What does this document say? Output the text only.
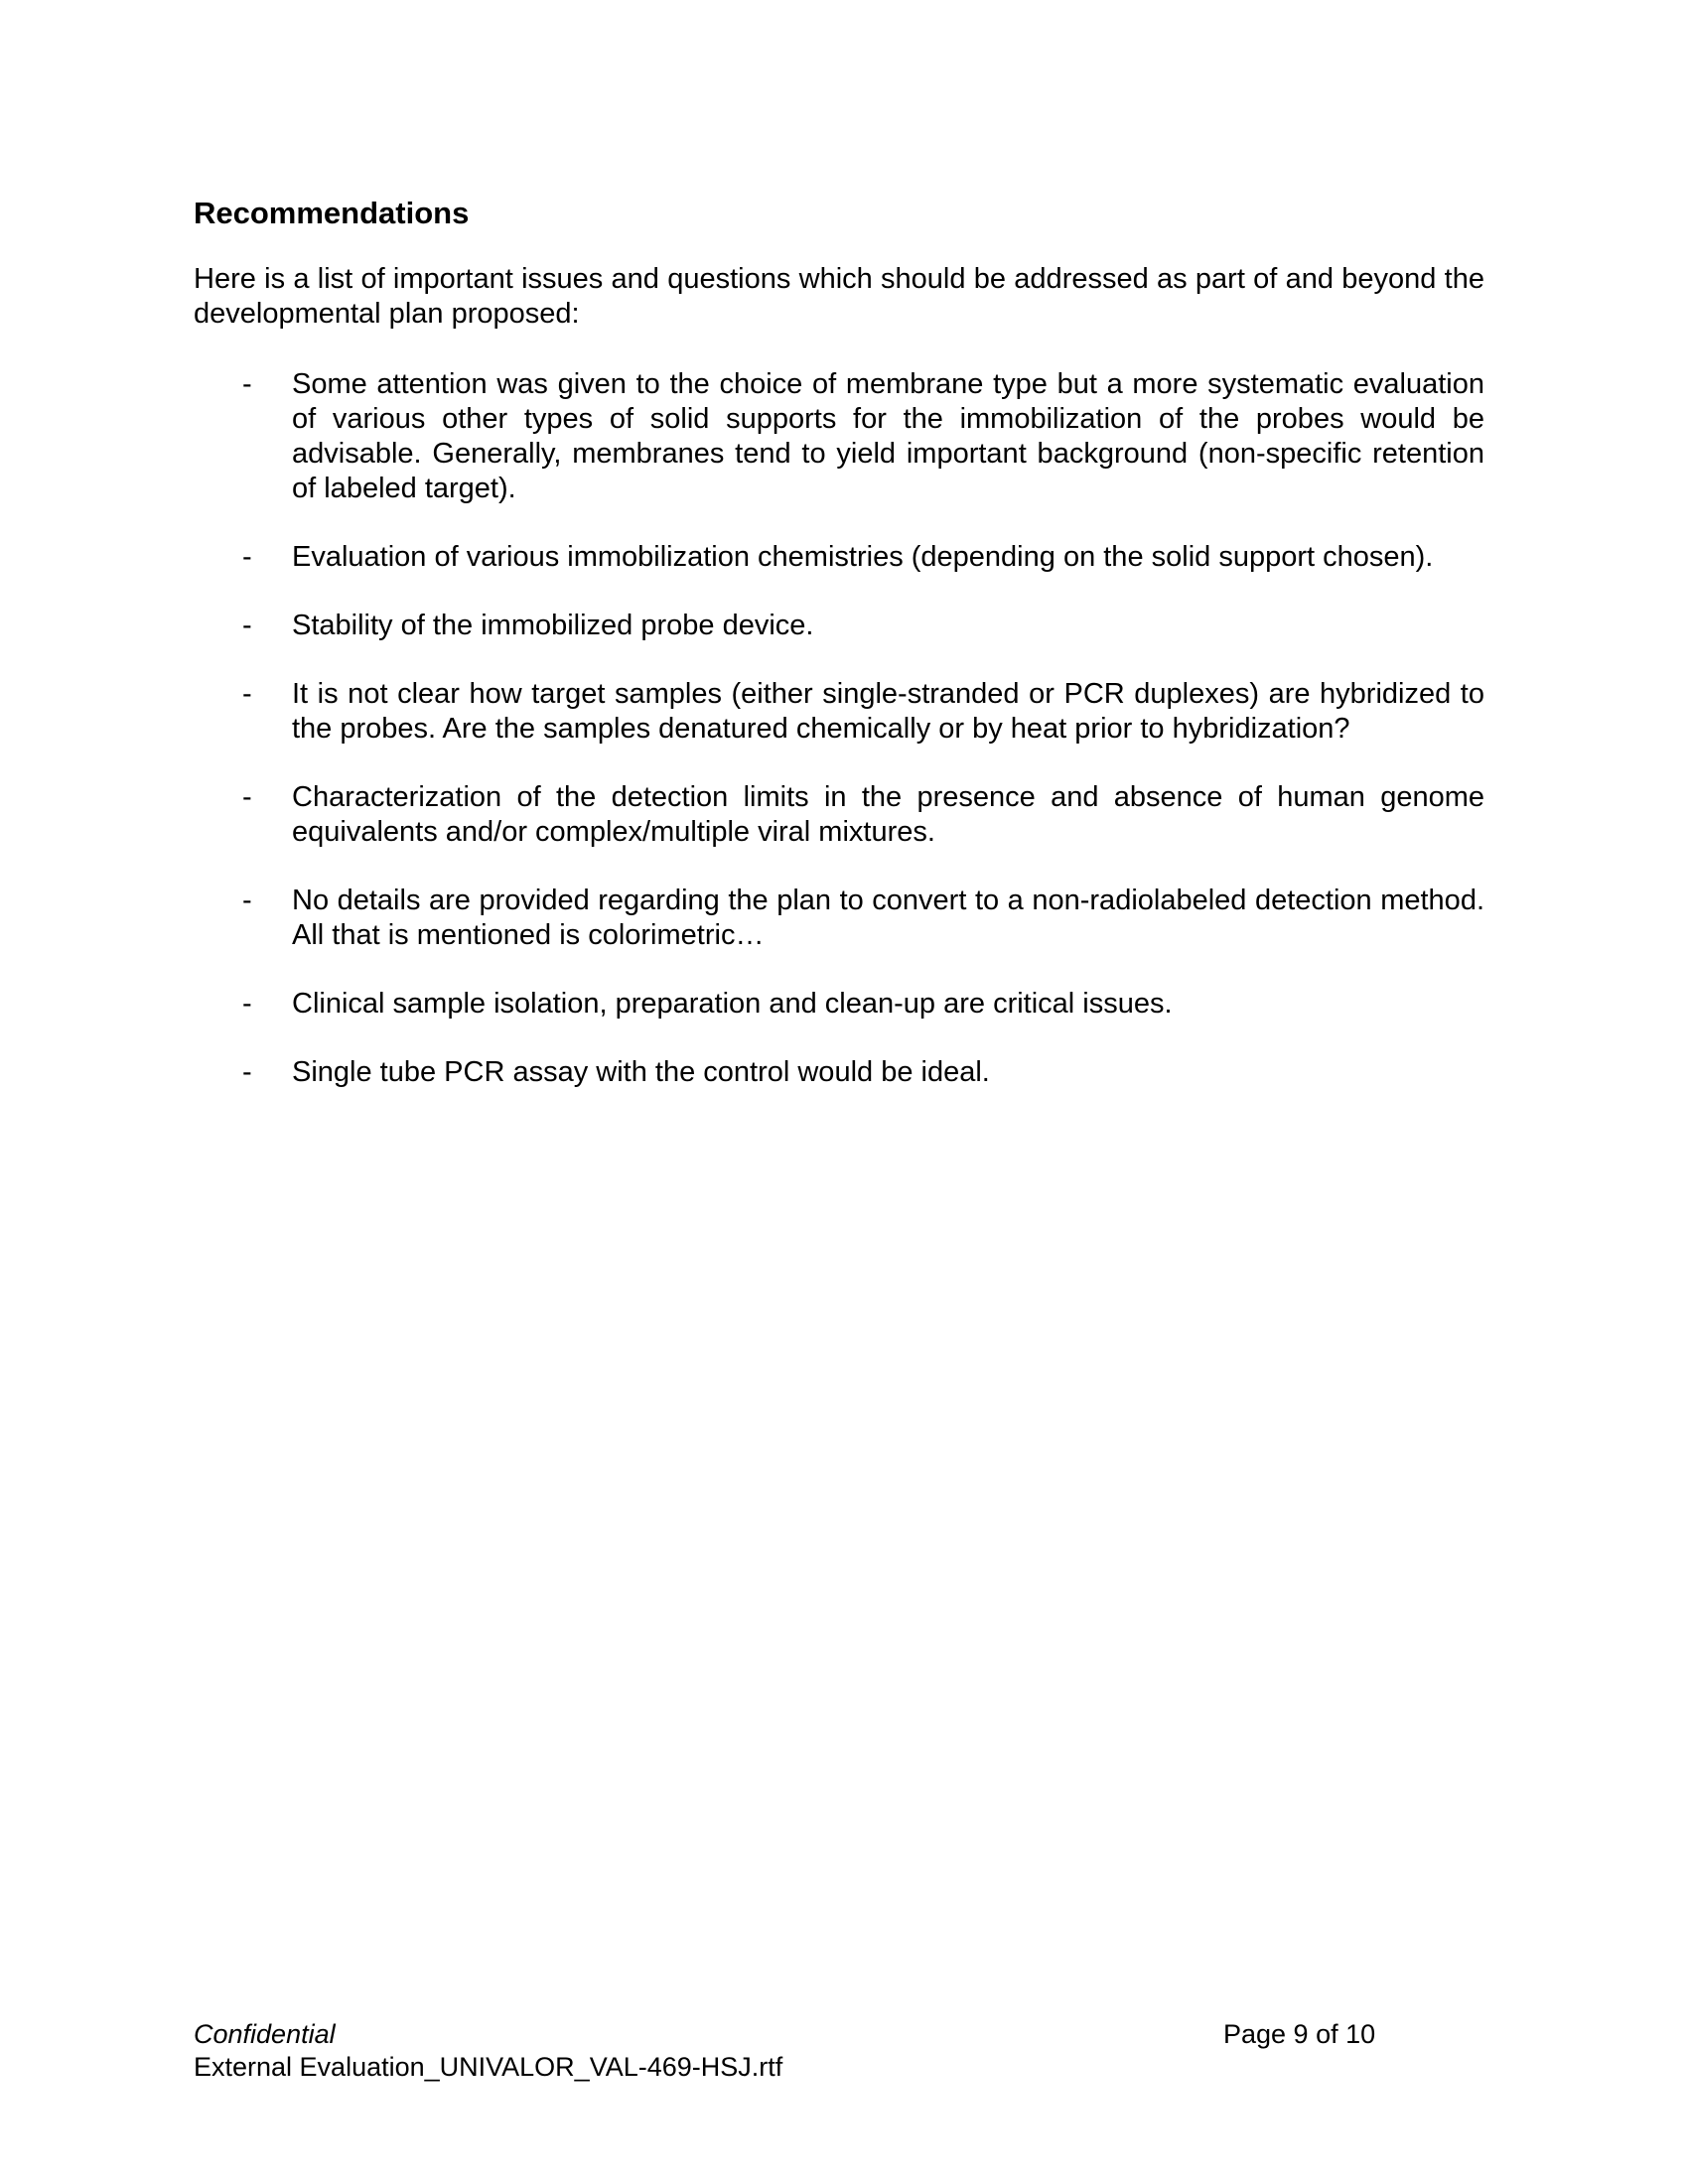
Recommendations

Here is a list of important issues and questions which should be addressed as part of and beyond the developmental plan proposed:

- Some attention was given to the choice of membrane type but a more systematic evaluation of various other types of solid supports for the immobilization of the probes would be advisable. Generally, membranes tend to yield important background (non-specific retention of labeled target).
- Evaluation of various immobilization chemistries (depending on the solid support chosen).
- Stability of the immobilized probe device.
- It is not clear how target samples (either single-stranded or PCR duplexes) are hybridized to the probes. Are the samples denatured chemically or by heat prior to hybridization?
- Characterization of the detection limits in the presence and absence of human genome equivalents and/or complex/multiple viral mixtures.
- No details are provided regarding the plan to convert to a non-radiolabeled detection method. All that is mentioned is colorimetric…
- Clinical sample isolation, preparation and clean-up are critical issues.
- Single tube PCR assay with the control would be ideal.
Confidential
External Evaluation_UNIVALOR_VAL-469-HSJ.rtf
Page 9 of 10
